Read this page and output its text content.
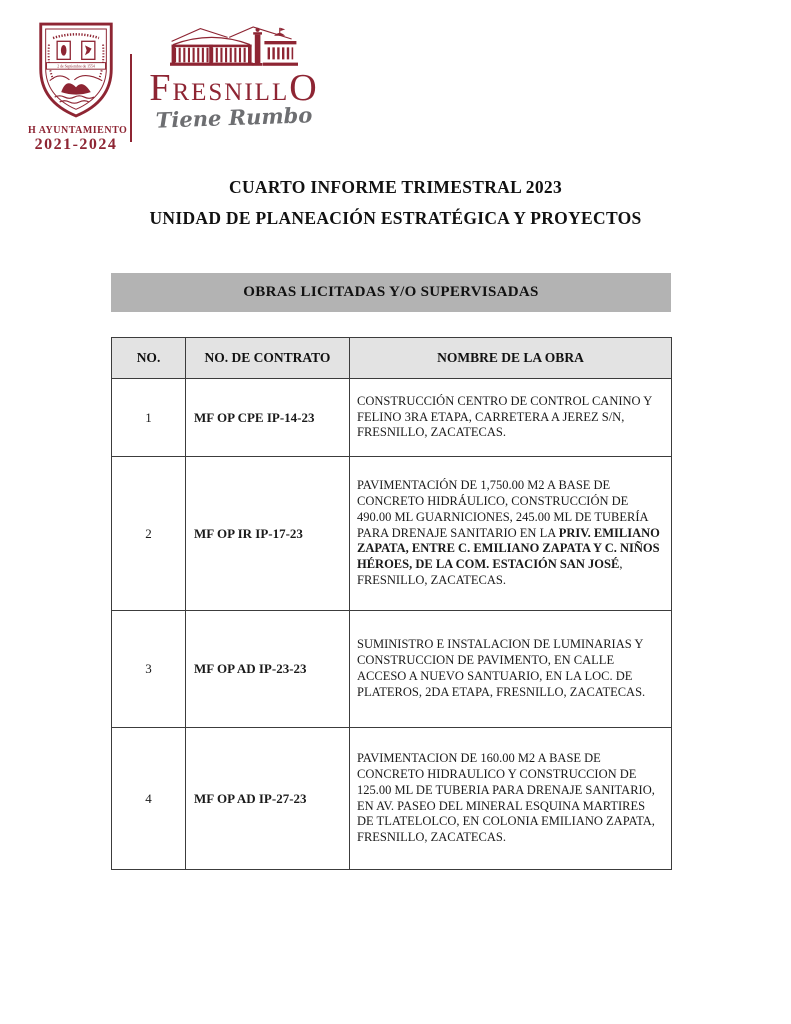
2 de Septiembre de 1554
H AYUNTAMIENTO
2021-2024
FRESNILLO
Tiene Rumbo
CUARTO INFORME TRIMESTRAL 2023
UNIDAD DE PLANEACIÓN ESTRATÉGICA Y PROYECTOS
OBRAS LICITADAS Y/O SUPERVISADAS
NO.	NO. DE CONTRATO	NOMBRE DE LA OBRA
1	MF OP CPE IP-14-23	CONSTRUCCIÓN CENTRO DE CONTROL CANINO Y FELINO 3RA ETAPA, CARRETERA A JEREZ S/N, FRESNILLO, ZACATECAS.
2	MF OP IR IP-17-23	PAVIMENTACIÓN DE 1,750.00 M2 A BASE DE CONCRETO HIDRÁULICO, CONSTRUCCIÓN DE 490.00 ML GUARNICIONES, 245.00 ML DE TUBERÍA PARA DRENAJE SANITARIO EN LA PRIV. EMILIANO ZAPATA, ENTRE C. EMILIANO ZAPATA Y C. NIÑOS HÉROES, DE LA COM. ESTACIÓN SAN JOSÉ, FRESNILLO, ZACATECAS.
3	MF OP AD IP-23-23	SUMINISTRO E INSTALACION DE LUMINARIAS Y CONSTRUCCION DE PAVIMENTO, EN CALLE ACCESO A NUEVO SANTUARIO, EN LA LOC. DE PLATEROS, 2DA ETAPA, FRESNILLO, ZACATECAS.
4	MF OP AD IP-27-23	PAVIMENTACION DE 160.00 M2 A BASE DE CONCRETO HIDRAULICO Y CONSTRUCCION DE 125.00 ML DE TUBERIA PARA DRENAJE SANITARIO, EN AV. PASEO DEL MINERAL ESQUINA MARTIRES DE TLATELOLCO, EN COLONIA EMILIANO ZAPATA, FRESNILLO, ZACATECAS.
